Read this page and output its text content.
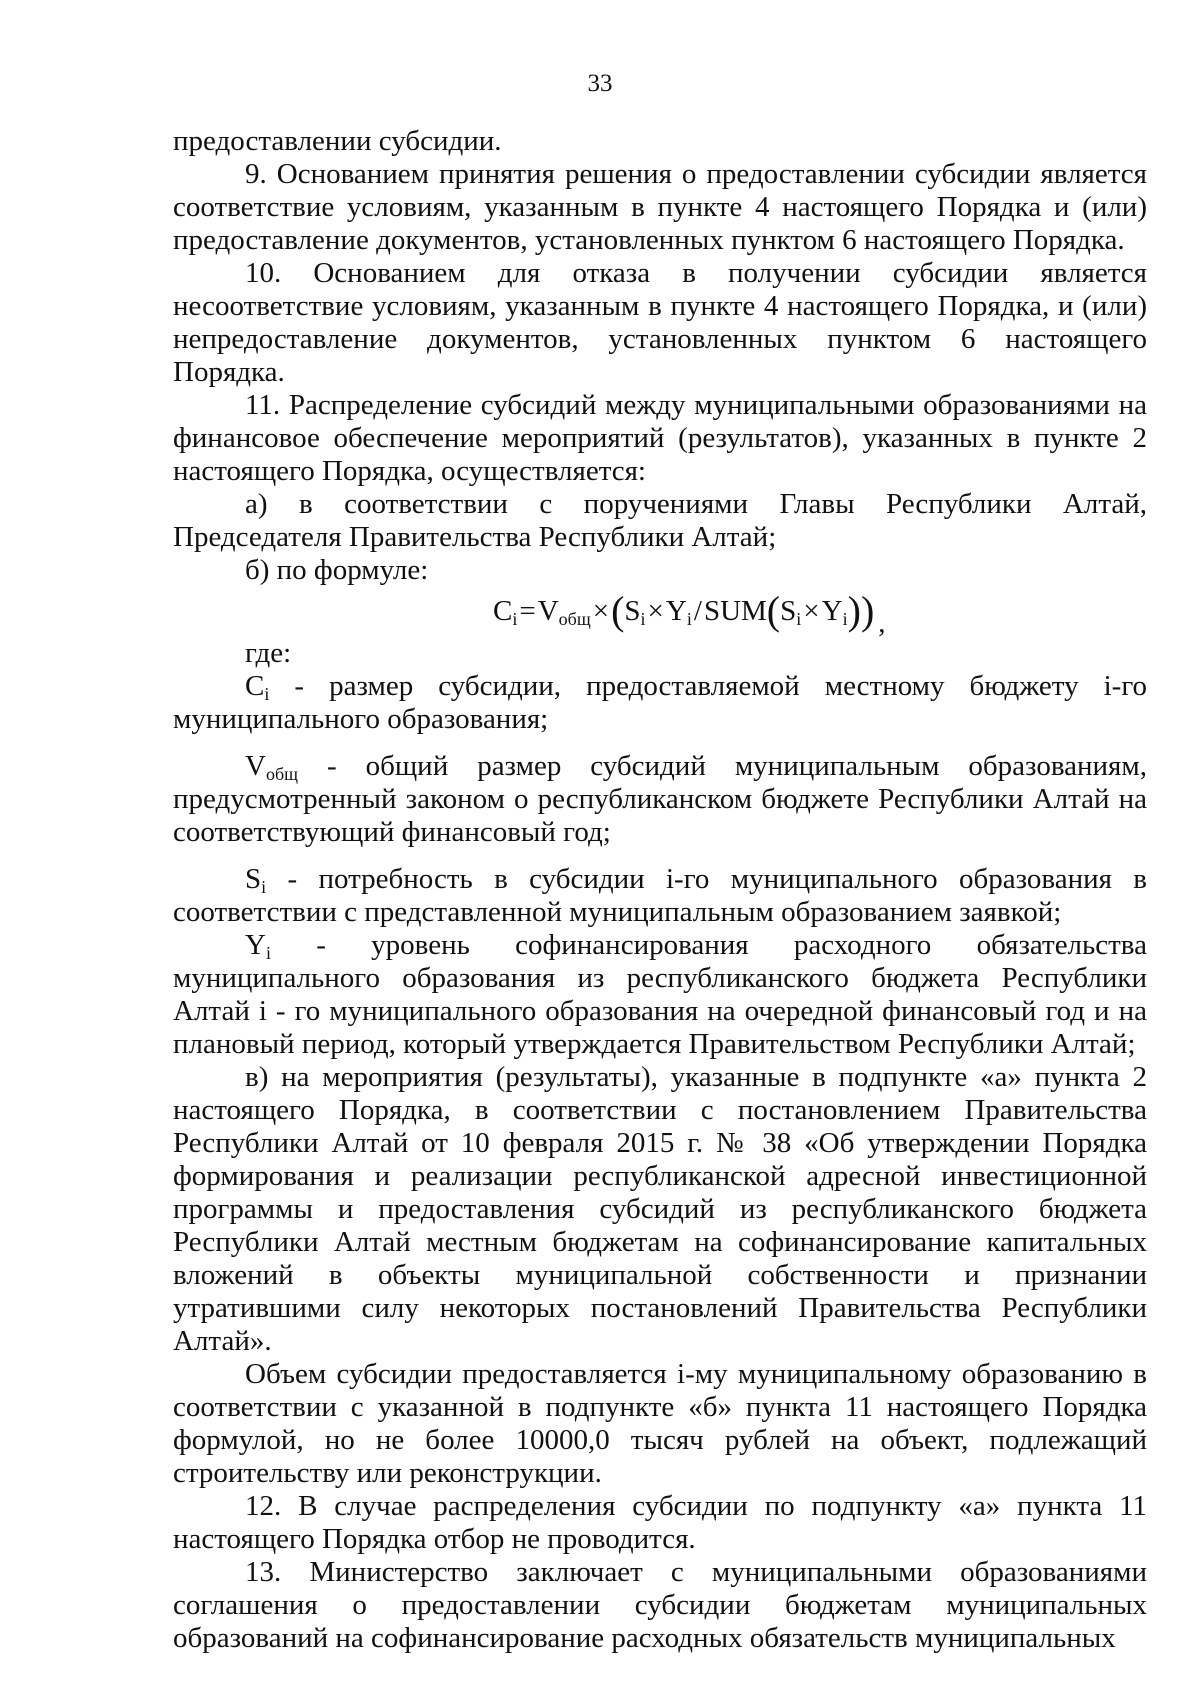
33

предоставлении субсидии.

9. Основанием принятия решения о предоставлении субсидии является соответствие условиям, указанным в пункте 4 настоящего Порядка и (или) предоставление документов, установленных пунктом 6 настоящего Порядка.

10. Основанием для отказа в получении субсидии является несоответствие условиям, указанным в пункте 4 настоящего Порядка, и (или) непредоставление документов, установленных пунктом 6 настоящего Порядка.

11. Распределение субсидий между муниципальными образованиями на финансовое обеспечение мероприятий (результатов), указанных в пункте 2 настоящего Порядка, осуществляется:

а) в соответствии с поручениями Главы Республики Алтай, Председателя Правительства Республики Алтай;

б) по формуле:

$C_i=V_{общ}\times(S_i\times Y_i/SUM(S_i\times Y_i))$ ,

где:

$C_i$ - размер субсидии, предоставляемой местному бюджету i-го муниципального образования;

$V_{общ}$ - общий размер субсидий муниципальным образованиям, предусмотренный законом о республиканском бюджете Республики Алтай на соответствующий финансовый год;

$S_i$ - потребность в субсидии i-го муниципального образования в соответствии с представленной муниципальным образованием заявкой;

$Y_i$ - уровень софинансирования расходного обязательства муниципального образования из республиканского бюджета Республики Алтай i - го муниципального образования на очередной финансовый год и на плановый период, который утверждается Правительством Республики Алтай;

в) на мероприятия (результаты), указанные в подпункте «а» пункта 2 настоящего Порядка, в соответствии с постановлением Правительства Республики Алтай от 10 февраля 2015 г. № 38 «Об утверждении Порядка формирования и реализации республиканской адресной инвестиционной программы и предоставления субсидий из республиканского бюджета Республики Алтай местным бюджетам на софинансирование капитальных вложений в объекты муниципальной собственности и признании утратившими силу некоторых постановлений Правительства Республики Алтай».

Объем субсидии предоставляется i-му муниципальному образованию в соответствии с указанной в подпункте «б» пункта 11 настоящего Порядка формулой, но не более 10000,0 тысяч рублей на объект, подлежащий строительству или реконструкции.

12. В случае распределения субсидии по подпункту «а» пункта 11 настоящего Порядка отбор не проводится.

13. Министерство заключает с муниципальными образованиями соглашения о предоставлении субсидии бюджетам муниципальных образований на софинансирование расходных обязательств муниципальных
